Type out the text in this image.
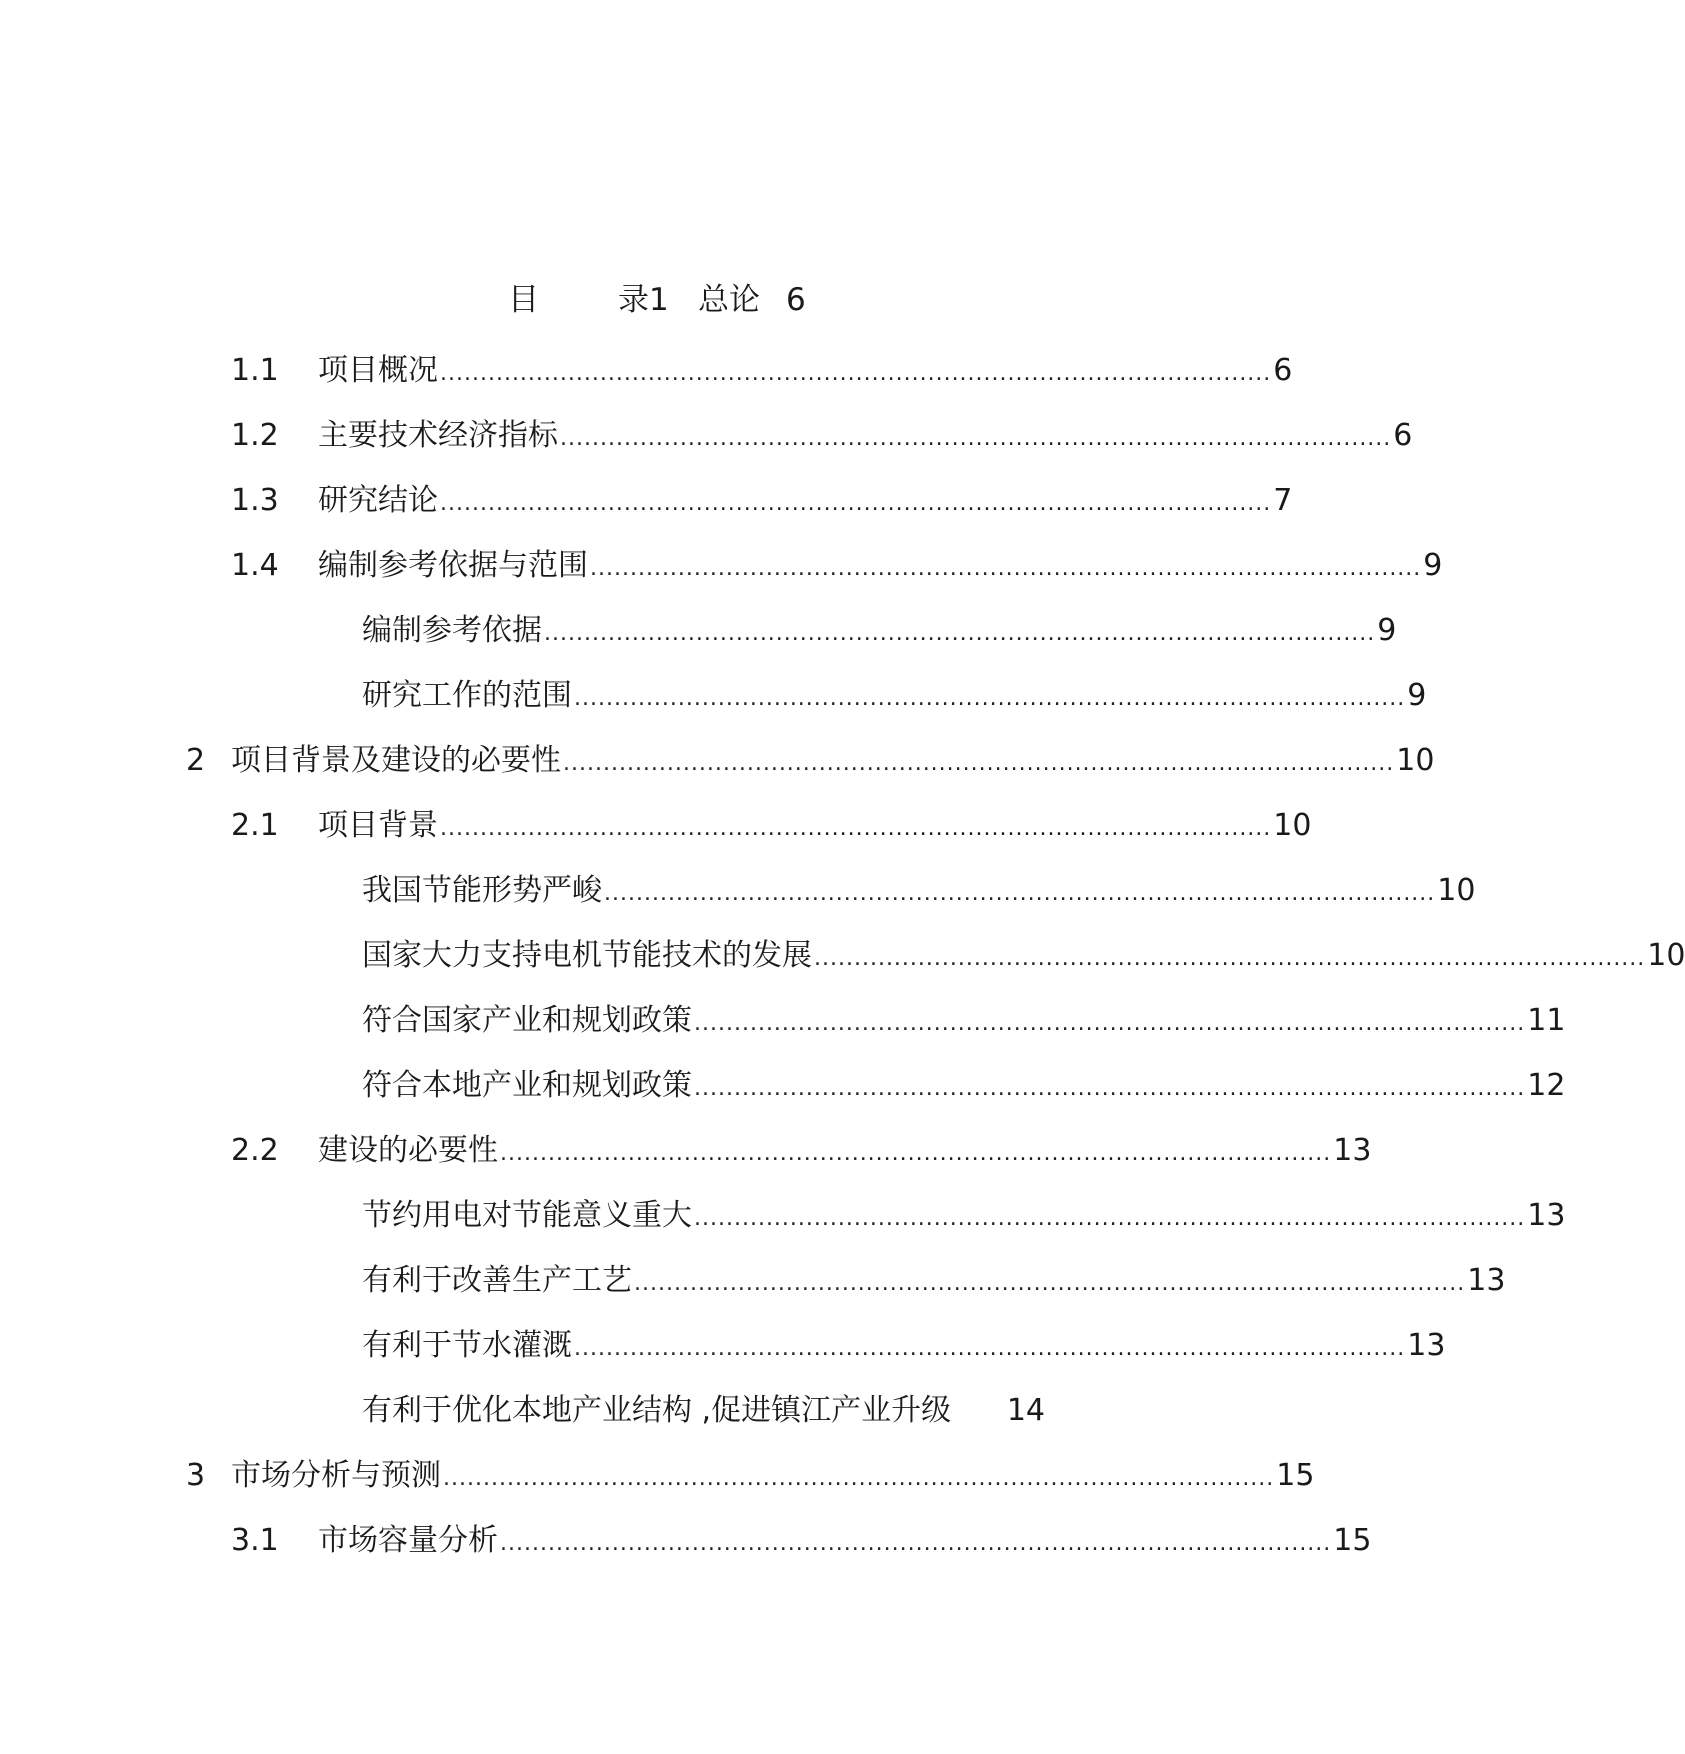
目	录1 总论 6
1.1 项目概况 ........................................................................................................ 6
1.2 主要技术经济指标 ........................................................................................................ 6
1.3 研究结论 ........................................................................................................ 7
1.4 编制参考依据与范围 ........................................................................................................ 9
编制参考依据 ........................................................................................................ 9
研究工作的范围 ........................................................................................................ 9
2 项目背景及建设的必要性 ........................................................................................................ 10
2.1 项目背景 ........................................................................................................ 10
我国节能形势严峻 ........................................................................................................ 10
国家大力支持电机节能技术的发展 ........................................................................................................ 10
符合国家产业和规划政策 ........................................................................................................ 11
符合本地产业和规划政策 ........................................................................................................ 12
2.2 建设的必要性 ........................................................................................................ 13
节约用电对节能意义重大 ........................................................................................................ 13
有利于改善生产工艺 ........................................................................................................ 13
有利于节水灌溉 ........................................................................................................ 13
有利于优化本地产业结构 ,促进镇江产业升级 14
3 市场分析与预测 ........................................................................................................ 15
3.1 市场容量分析 ........................................................................................................ 15
